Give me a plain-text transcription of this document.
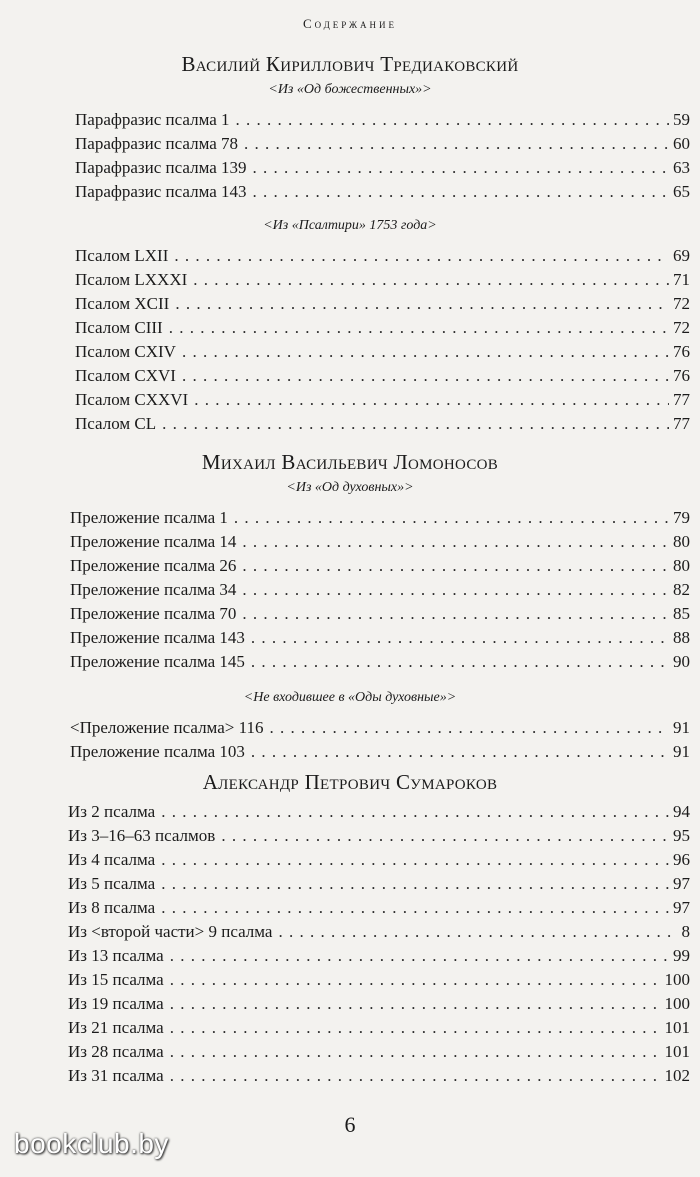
Содержание
Василий Кириллович Тредиаковский
<Из «Од божественных»>
Парафразис псалма 1 . . .	59
Парафразис псалма 78 . . .	60
Парафразис псалма 139 . . .	63
Парафразис псалма 143 . . .	65
<Из «Псалтири» 1753 года>
Псалом LXII . . .	69
Псалом LXXXI . . .	71
Псалом XCII . . .	72
Псалом CIII . . .	72
Псалом CXIV . . .	76
Псалом CXVI . . .	76
Псалом CXXVI . . .	77
Псалом CL . . .	77
Михаил Васильевич Ломоносов
<Из «Од духовных»>
Преложение псалма 1 . . .	79
Преложение псалма 14 . . .	80
Преложение псалма 26 . . .	80
Преложение псалма 34 . . .	82
Преложение псалма 70 . . .	85
Преложение псалма 143 . . .	88
Преложение псалма 145 . . .	90
<Не входившее в «Оды духовные»>
<Преложение псалма> 116 . . .	91
Преложение псалма 103 . . .	91
Александр Петрович Сумароков
Из 2 псалма . . .	94
Из 3–16–63 псалмов . . .	95
Из 4 псалма . . .	96
Из 5 псалма . . .	97
Из 8 псалма . . .	97
Из <второй части> 9 псалма . . .	8
Из 13 псалма . . .	99
Из 15 псалма . . .	100
Из 19 псалма . . .	100
Из 21 псалма . . .	101
Из 28 псалма . . .	101
Из 31 псалма . . .	102
6
bookclub.by
